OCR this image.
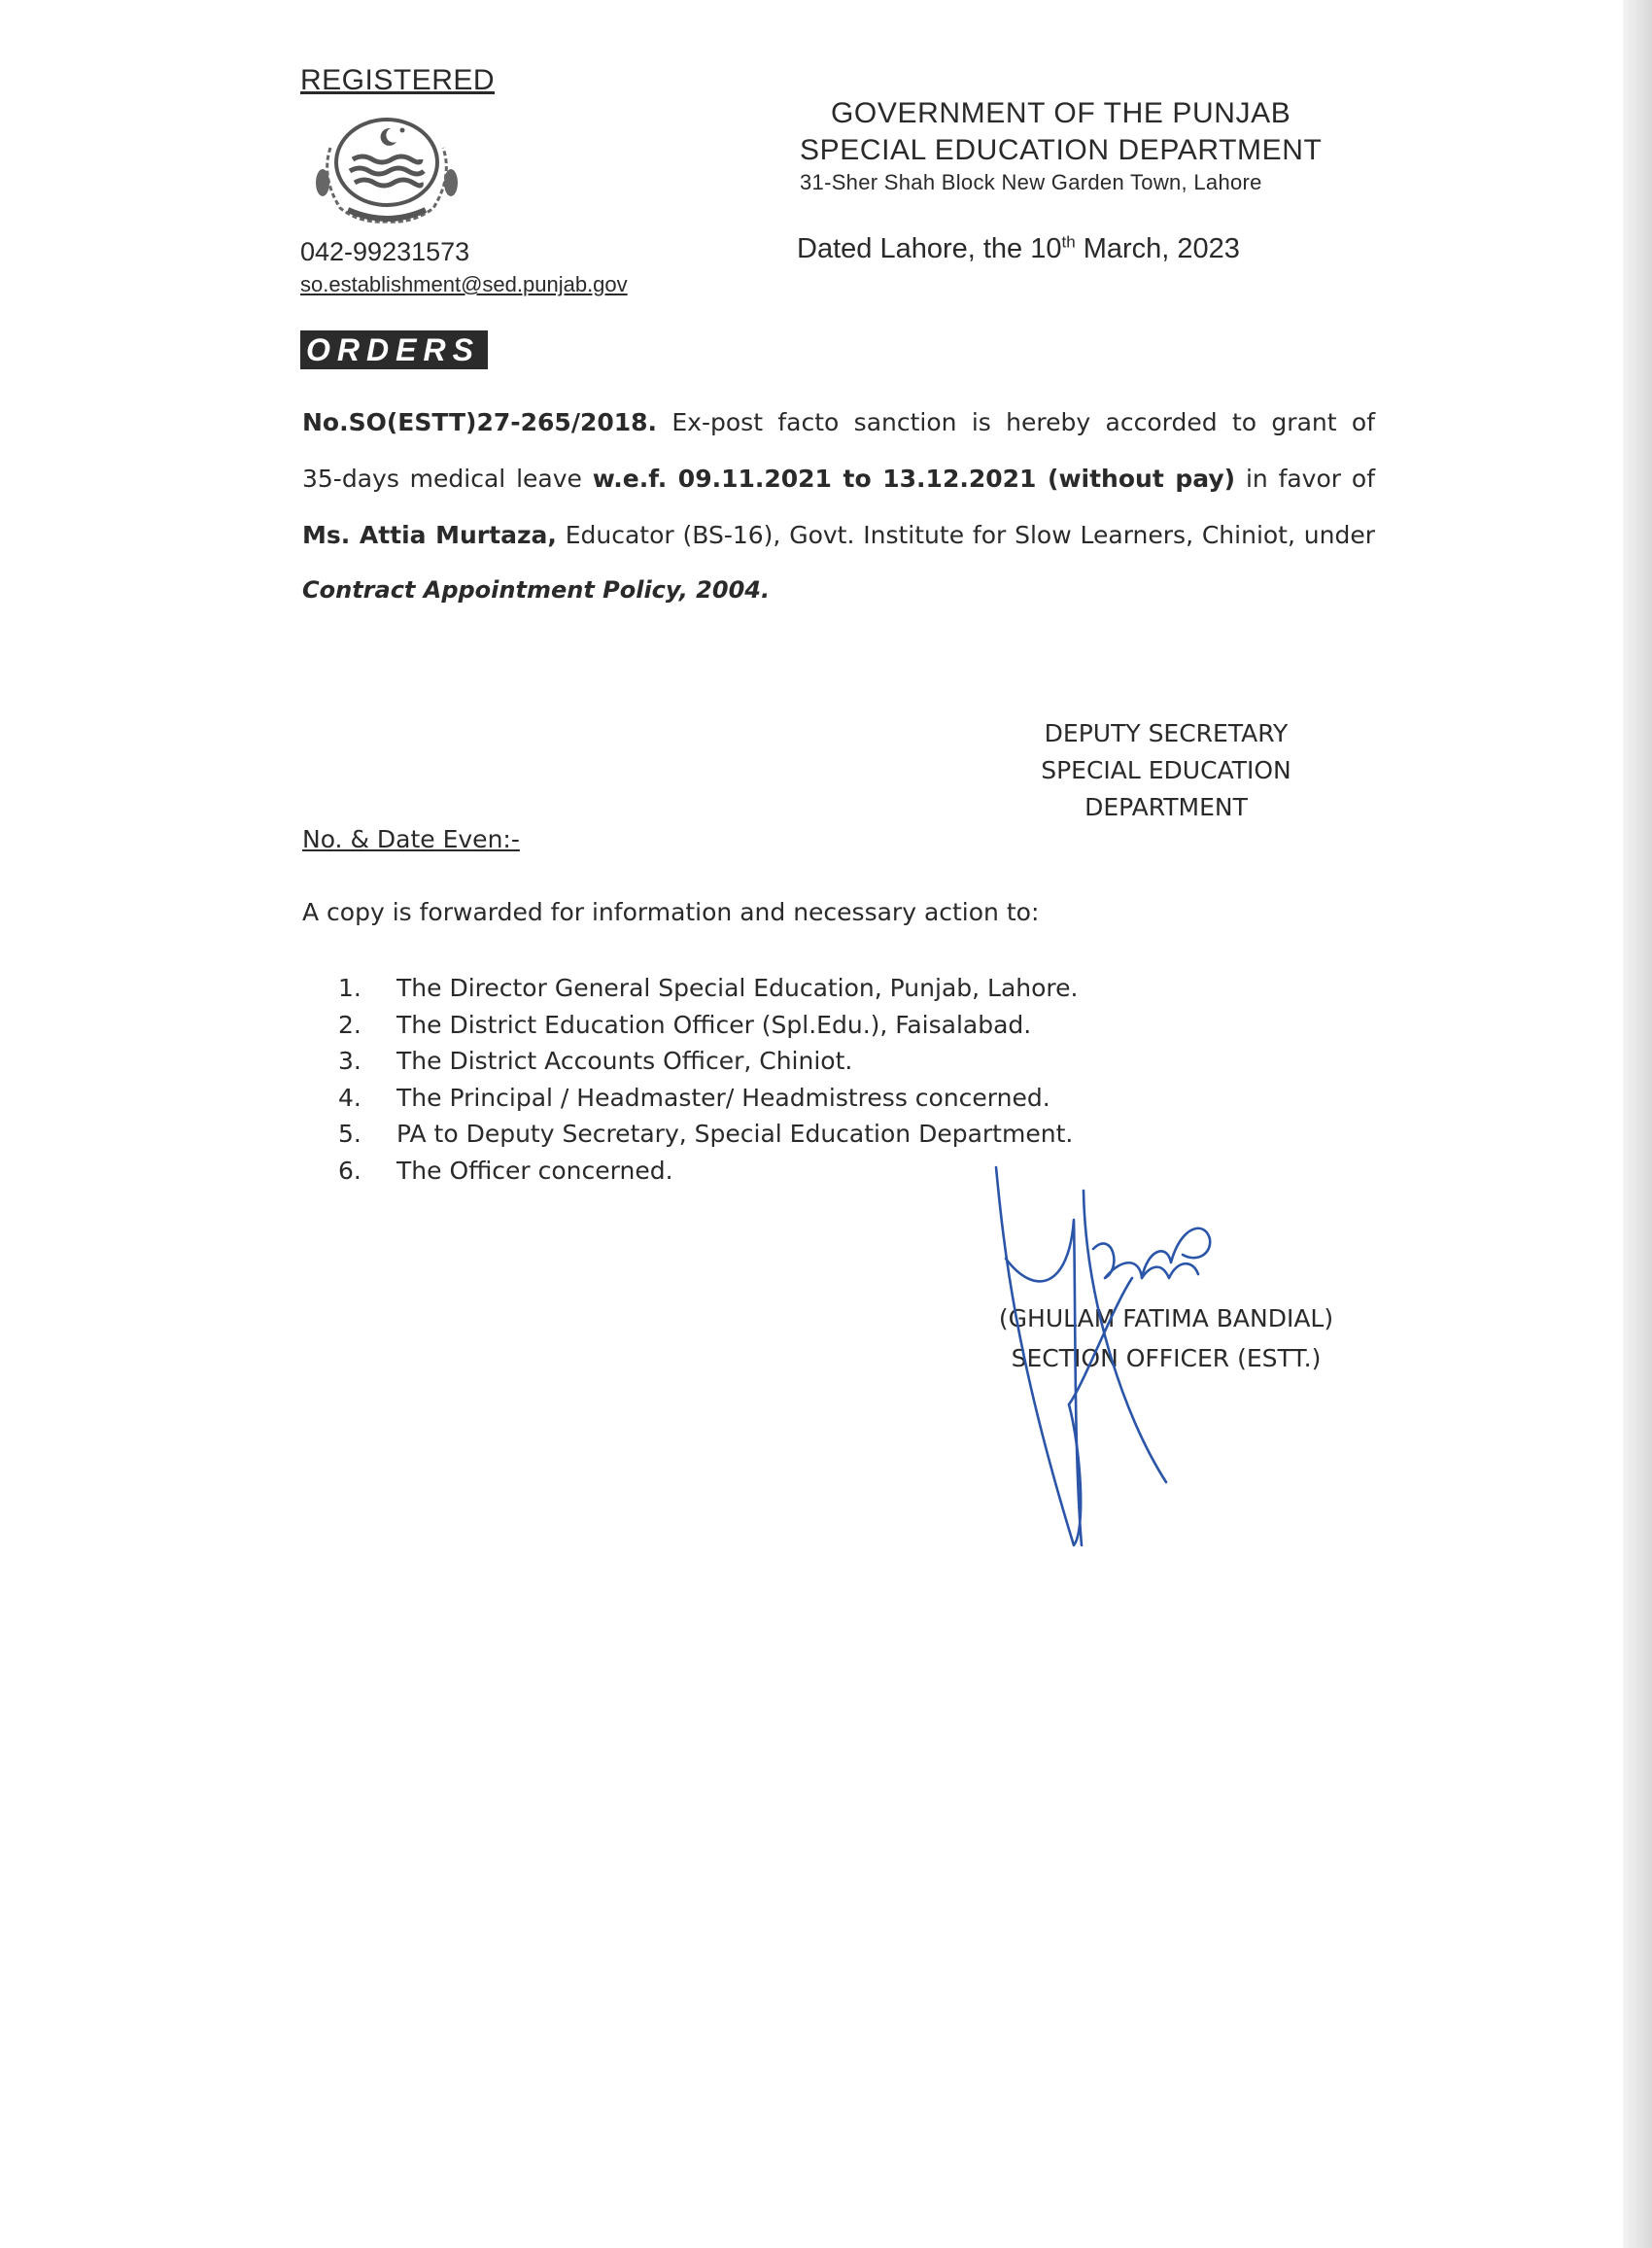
REGISTERED
042-99231573
so.establishment@sed.punjab.gov
GOVERNMENT OF THE PUNJAB
SPECIAL EDUCATION DEPARTMENT
31-Sher Shah Block New Garden Town, Lahore
Dated Lahore, the 10th March, 2023
ORDERS
No.SO(ESTT)27-265/2018. Ex-post facto sanction is hereby accorded to grant of
35-days medical leave w.e.f. 09.11.2021 to 13.12.2021 (without pay) in favor of
Ms. Attia Murtaza, Educator (BS-16), Govt. Institute for Slow Learners, Chiniot, under
Contract Appointment Policy, 2004.
DEPUTY SECRETARY
SPECIAL EDUCATION
DEPARTMENT
No. & Date Even:-
A copy is forwarded for information and necessary action to:
1. The Director General Special Education, Punjab, Lahore.
2. The District Education Officer (Spl.Edu.), Faisalabad.
3. The District Accounts Officer, Chiniot.
4. The Principal / Headmaster/ Headmistress concerned.
5. PA to Deputy Secretary, Special Education Department.
6. The Officer concerned.
(GHULAM FATIMA BANDIAL)
SECTION OFFICER (ESTT.)
